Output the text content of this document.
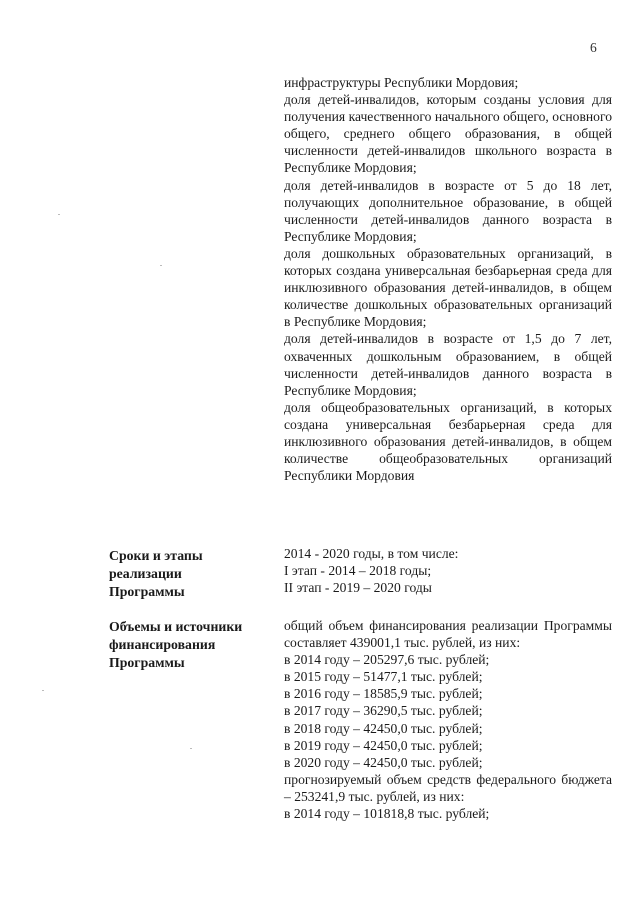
6

инфраструктуры Республики Мордовия;

доля детей-инвалидов, которым созданы условия для получения качественного начального общего, основного общего, среднего общего образования, в общей численности детей-инвалидов школьного возраста в Республике Мордовия;

доля детей-инвалидов в возрасте от 5 до 18 лет, получающих дополнительное образование, в общей численности детей-инвалидов данного возраста в Республике Мордовия;

доля дошкольных образовательных организаций, в которых создана универсальная безбарьерная среда для инклюзивного образования детей-инвалидов, в общем количестве дошкольных образовательных организаций в Республике Мордовия;

доля детей-инвалидов в возрасте от 1,5 до 7 лет, охваченных дошкольным образованием, в общей численности детей-инвалидов данного возраста в Республике Мордовия;

доля общеобразовательных организаций, в которых создана универсальная безбарьерная среда для инклюзивного образования детей-инвалидов, в общем количестве общеобразовательных организаций Республики Мордовия

Сроки и этапы
реализации
Программы

2014 - 2020 годы, в том числе:

I этап - 2014 – 2018 годы;

II этап - 2019 – 2020 годы

Объемы и источники
финансирования
Программы

общий объем финансирования реализации Программы составляет 439001,1 тыс. рублей, из них:

в 2014 году – 205297,6 тыс. рублей;

в 2015 году – 51477,1 тыс. рублей;

в 2016 году – 18585,9 тыс. рублей;

в 2017 году – 36290,5 тыс. рублей;

в 2018 году – 42450,0 тыс. рублей;

в 2019 году – 42450,0 тыс. рублей;

в 2020 году – 42450,0 тыс. рублей;

прогнозируемый объем средств федерального бюджета – 253241,9 тыс. рублей, из них:

в 2014 году – 101818,8 тыс. рублей;
